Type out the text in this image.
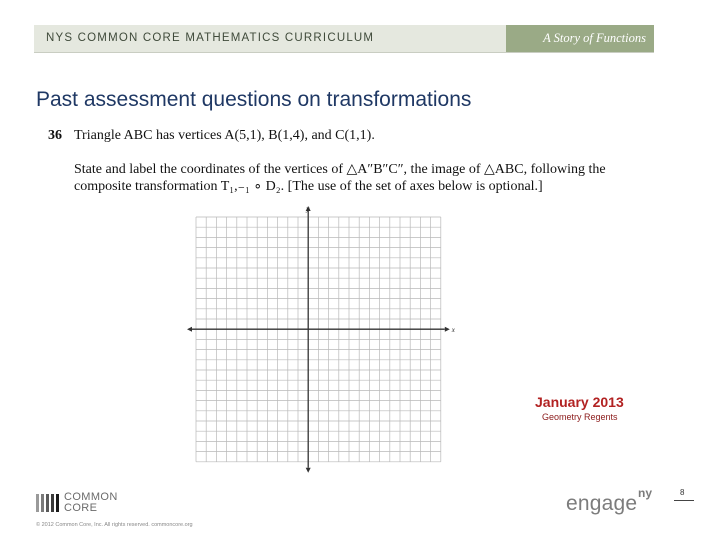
NYS COMMON CORE MATHEMATICS CURRICULUM	A Story of Functions
Past assessment questions on transformations
36 Triangle ABC has vertices A(5,1), B(1,4), and C(1,1).
State and label the coordinates of the vertices of △A″B″C″, the image of △ABC, following the
composite transformation T₁,₋₁ ∘ D₂. [The use of the set of axes below is optional.]
x
y
January 2013
Geometry Regents
COMMON
CORE
© 2012 Common Core, Inc. All rights reserved. commoncore.org
engage ny	8
